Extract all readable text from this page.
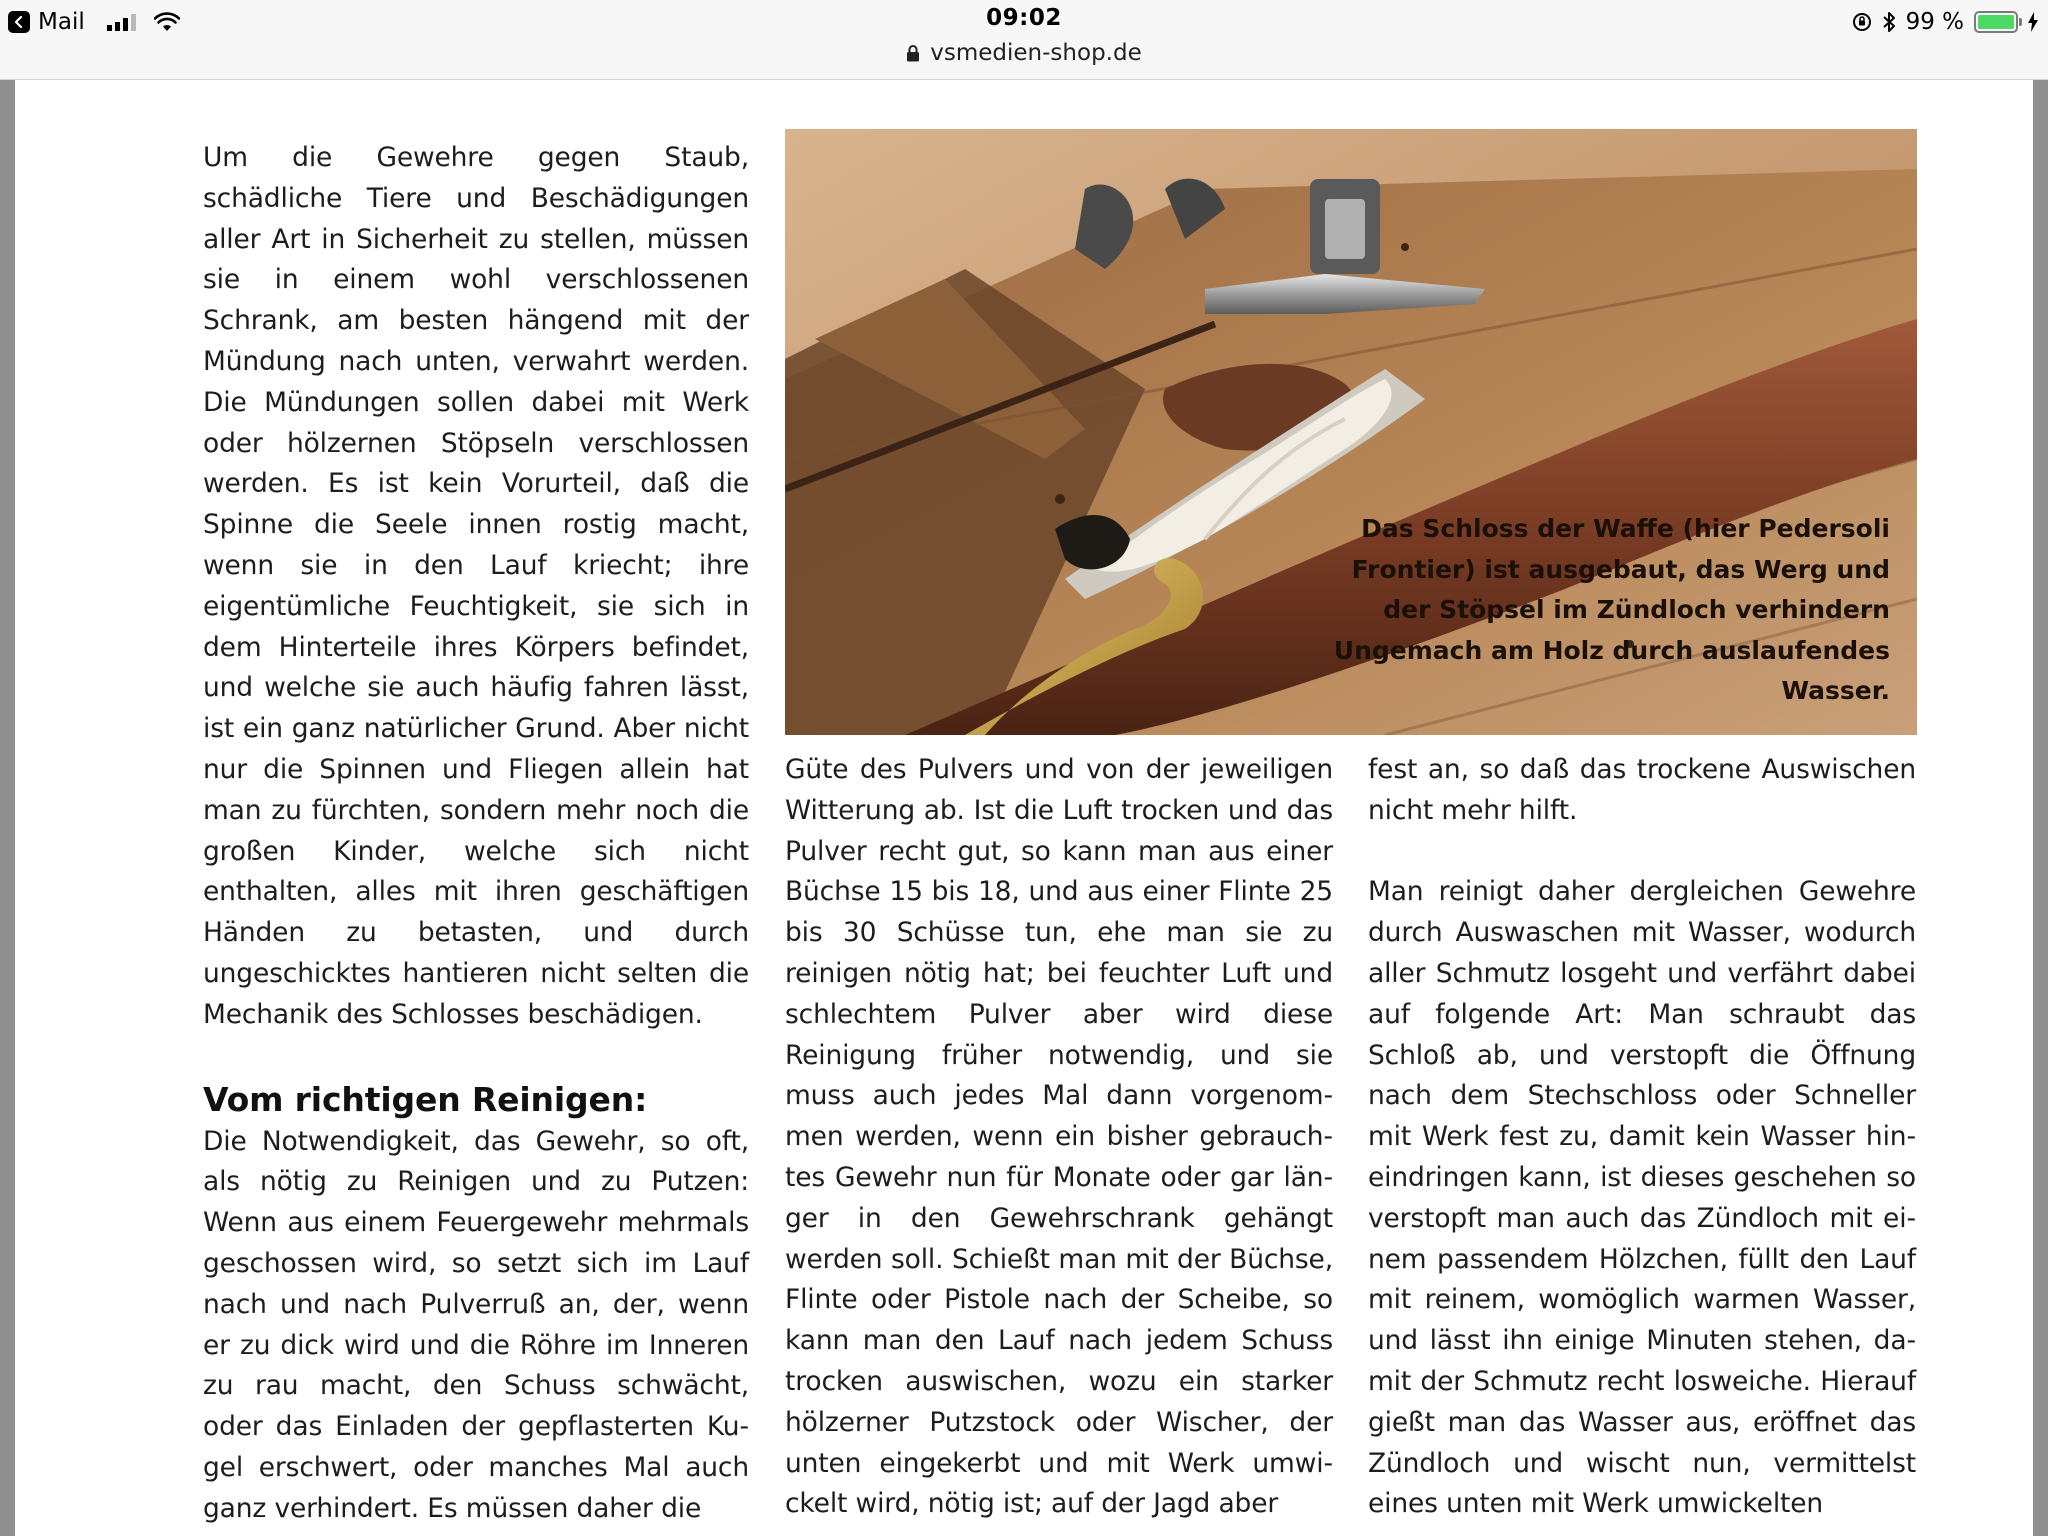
Mail	09:02
vsmedien-shop.de
99 %

Um die Gewehre gegen Staub, schädliche Tiere und Beschädigungen aller Art in Sicherheit zu stellen, müssen sie in einem wohl verschlossenen Schrank, am besten hängend mit der Mündung nach unten, verwahrt werden. Die Mündungen sollen dabei mit Werk oder hölzernen Stöpseln verschlossen werden. Es ist kein Vorurteil, daß die Spinne die Seele innen rostig macht, wenn sie in den Lauf kriecht; ihre eigentümliche Feuchtigkeit, sie sich in dem Hinterteile ihres Körpers befindet, und welche sie auch häufig fahren lässt, ist ein ganz natürlicher Grund. Aber nicht nur die Spinnen und Fliegen allein hat man zu fürchten, sondern mehr noch die großen Kinder, welche sich nicht enthalten, alles mit ihren geschäftigen Händen zu betasten, und durch ungeschicktes hantieren nicht selten die Mechanik des Schlosses beschädigen.

Vom richtigen Reinigen:

Die Notwendigkeit, das Gewehr, so oft, als nötig zu Reinigen und zu Putzen: Wenn aus einem Feuergewehr mehrmals geschossen wird, so setzt sich im Lauf nach und nach Pulverruß an, der, wenn er zu dick wird und die Röhre im Inneren zu rau macht, den Schuss schwächt, oder das Einladen der gepflasterten Kugel erschwert, oder manches Mal auch ganz verhindert. Es müssen daher die

Das Schloss der Waffe (hier Pedersoli Frontier) ist ausgebaut, das Werg und der Stöpsel im Zündloch verhindern Ungemach am Holz durch auslaufendes Wasser.

Güte des Pulvers und von der jeweiligen Witterung ab. Ist die Luft trocken und das Pulver recht gut, so kann man aus einer Büchse 15 bis 18, und aus einer Flinte 25 bis 30 Schüsse tun, ehe man sie zu reinigen nötig hat; bei feuchter Luft und schlechtem Pulver aber wird diese Reinigung früher notwendig, und sie muss auch jedes Mal dann vorgenommen werden, wenn ein bisher gebrauchtes Gewehr nun für Monate oder gar länger in den Gewehrschrank gehängt werden soll. Schießt man mit der Büchse, Flinte oder Pistole nach der Scheibe, so kann man den Lauf nach jedem Schuss trocken auswischen, wozu ein starker hölzerner Putzstock oder Wischer, der unten eingekerbt und mit Werk umwickelt wird, nötig ist; auf der Jagd aber

fest an, so daß das trockene Auswischen nicht mehr hilft.

Man reinigt daher dergleichen Gewehre durch Auswaschen mit Wasser, wodurch aller Schmutz losgeht und verfährt dabei auf folgende Art: Man schraubt das Schloß ab, und verstopft die Öffnung nach dem Stechschloss oder Schneller mit Werk fest zu, damit kein Wasser hineindringen kann, ist dieses geschehen so verstopft man auch das Zündloch mit einem passendem Hölzchen, füllt den Lauf mit reinem, womöglich warmen Wasser, und lässt ihn einige Minuten stehen, damit der Schmutz recht losweiche. Hierauf gießt man das Wasser aus, eröffnet das Zündloch und wischt nun, vermittelst eines unten mit Werk umwickelten
